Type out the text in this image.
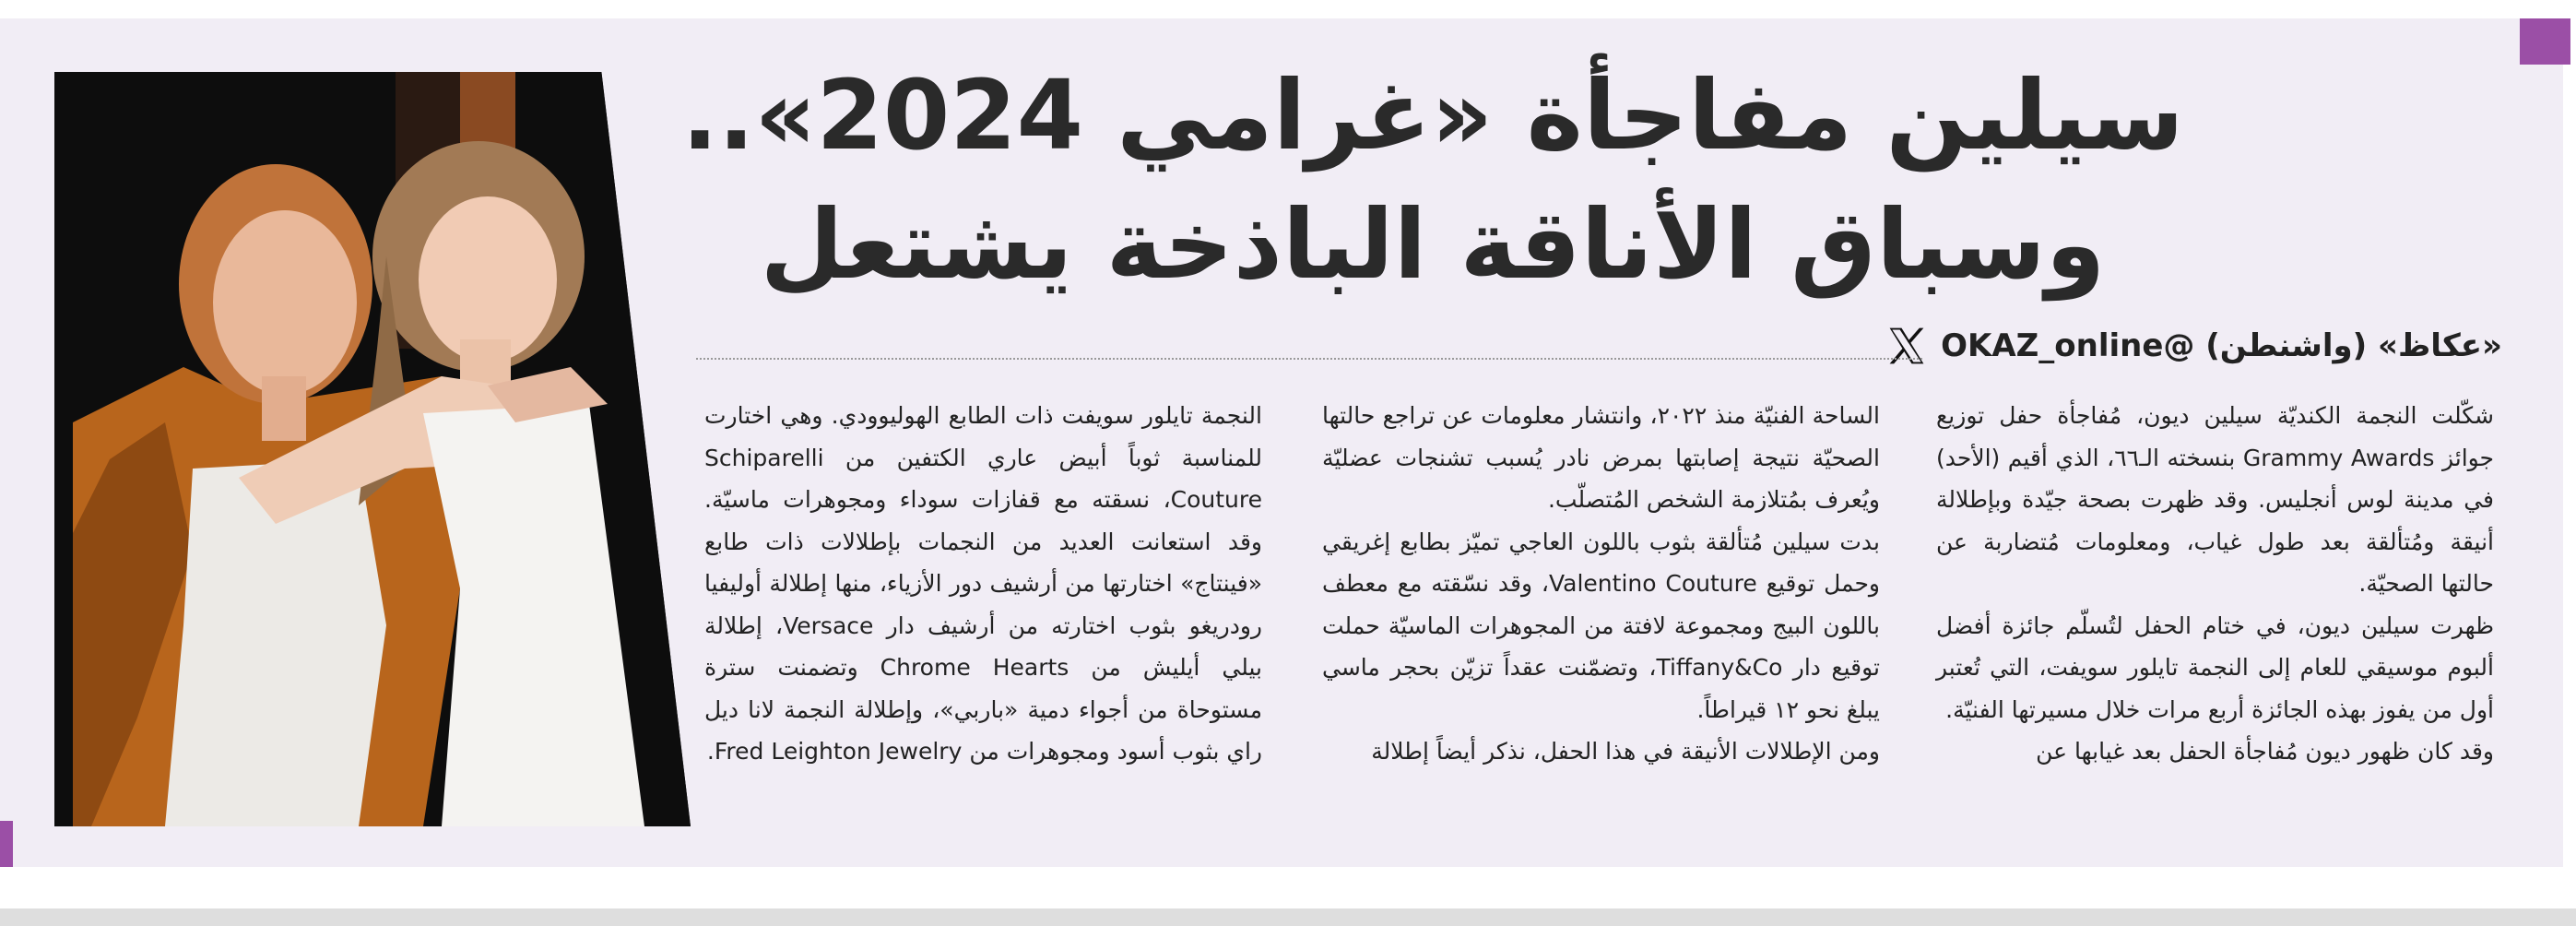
سيلين مفاجأة «غرامي 2024»..
وسباق الأناقة الباذخة يشتعل
«عكاظ» (واشنطن) @OKAZ_online

شكّلت النجمة الكنديّة سيلين ديون، مُفاجأة حفل توزيع جوائز Grammy Awards بنسخته الـ٦٦، الذي أقيم (الأحد) في مدينة لوس أنجليس. وقد ظهرت بصحة جيّدة وبإطلالة أنيقة ومُتألقة بعد طول غياب، ومعلومات مُتضاربة عن حالتها الصحيّة.

ظهرت سيلين ديون، في ختام الحفل لتُسلّم جائزة أفضل ألبوم موسيقي للعام إلى النجمة تايلور سويفت، التي تُعتبر أول من يفوز بهذه الجائزة أربع مرات خلال مسيرتها الفنيّة.

وقد كان ظهور ديون مُفاجأة الحفل بعد غيابها عن

الساحة الفنيّة منذ ٢٠٢٢، وانتشار معلومات عن تراجع حالتها الصحيّة نتيجة إصابتها بمرض نادر يُسبب تشنجات عضليّة ويُعرف بمُتلازمة الشخص المُتصلّب.

بدت سيلين مُتألقة بثوب باللون العاجي تميّز بطابع إغريقي وحمل توقيع Valentino Couture، وقد نسّقته مع معطف باللون البيج ومجموعة لافتة من المجوهرات الماسيّة حملت توقيع دار Tiffany&Co، وتضمّنت عقداً تزيّن بحجر ماسي يبلغ نحو ١٢ قيراطاً.

ومن الإطلالات الأنيقة في هذا الحفل، نذكر أيضاً إطلالة

النجمة تايلور سويفت ذات الطابع الهوليوودي. وهي اختارت للمناسبة ثوباً أبيض عاري الكتفين من Schiparelli Couture، نسقته مع قفازات سوداء ومجوهرات ماسيّة. وقد استعانت العديد من النجمات بإطلالات ذات طابع «فينتاج» اختارتها من أرشيف دور الأزياء، منها إطلالة أوليفيا رودريغو بثوب اختارته من أرشيف دار Versace، إطلالة بيلي أيليش من Chrome Hearts وتضمنت سترة مستوحاة من أجواء دمية «باربي»، وإطلالة النجمة لانا ديل راي بثوب أسود ومجوهرات من Fred Leighton Jewelry.
